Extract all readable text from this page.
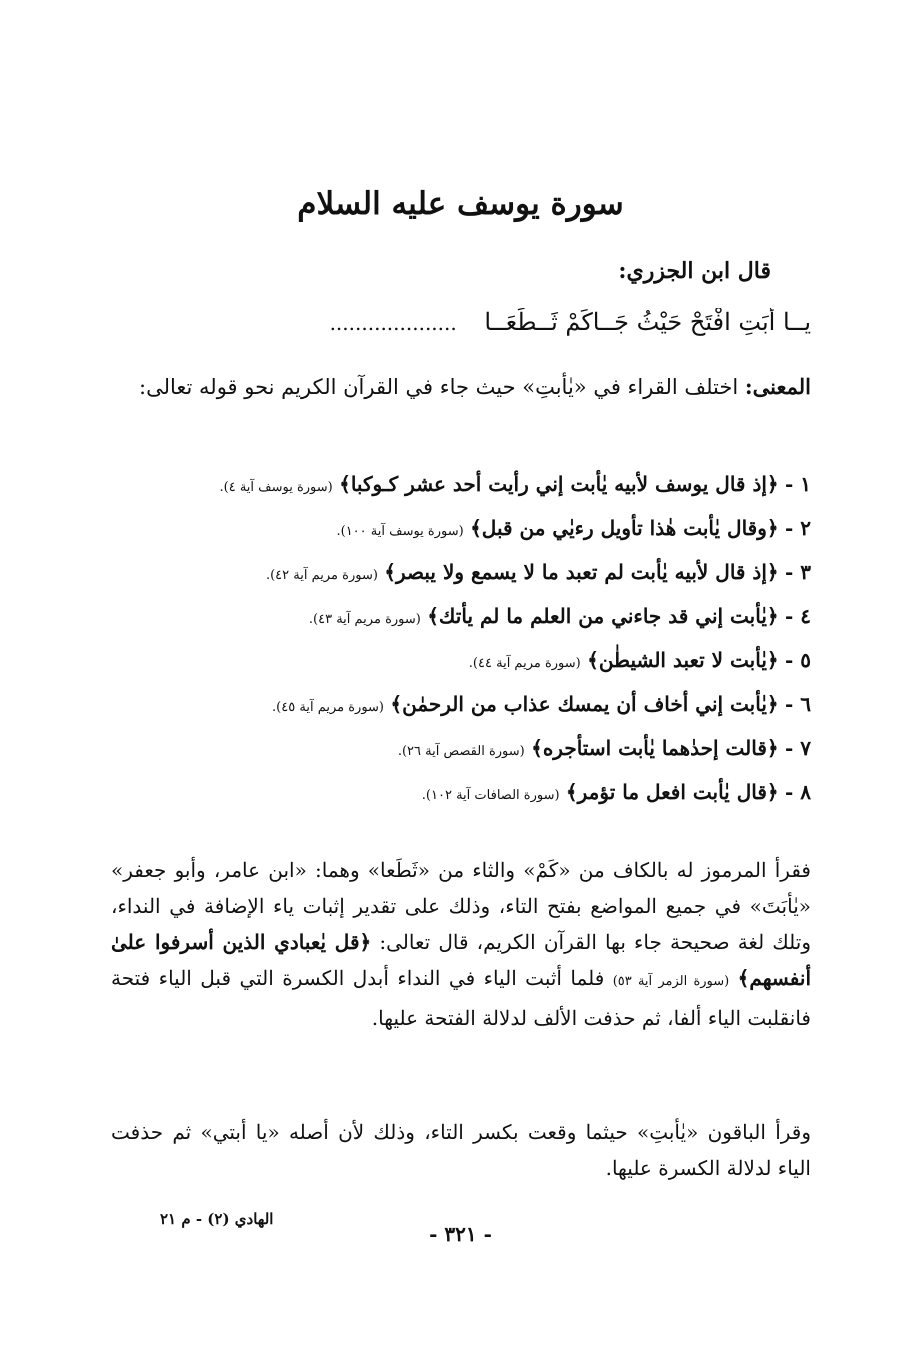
سورة يوسف عليه السلام
قال ابن الجزري:
يــا أَبَتِ افْتَحْ حَيْثُ جَــاكَمْ ثَــطَعَــا ....................
المعنى: اختلف القراء في «يٰأبتِ» حيث جاء في القرآن الكريم نحو قوله تعالى:
١ - ﴿إذ قال يوسف لأبيه يٰأبت إني رأيت أحد عشر كـوكبا﴾ (سورة يوسف آية ٤).
٢ - ﴿وقال يٰأبت هٰذا تأويل رءيٰي من قبل﴾ (سورة يوسف آية ١٠٠).
٣ - ﴿إذ قال لأبيه يٰأبت لم تعبد ما لا يسمع ولا يبصر﴾ (سورة مريم آية ٤٢).
٤ - ﴿يٰأبت إني قد جاءني من العلم ما لم يأتك﴾ (سورة مريم آية ٤٣).
٥ - ﴿يٰأبت لا تعبد الشيطٰن﴾ (سورة مريم آية ٤٤).
٦ - ﴿يٰأبت إني أخاف أن يمسك عذاب من الرحمٰن﴾ (سورة مريم آية ٤٥).
٧ - ﴿قالت إحدٰهما يٰأبت استأجره﴾ (سورة القصص آية ٢٦).
٨ - ﴿قال يٰأبت افعل ما تؤمر﴾ (سورة الصافات آية ١٠٢).
فقرأ المرموز له بالكاف من «كَمْ» والثاء من «ثَطَعا» وهما: «ابن عامر، وأبو جعفر» «يٰأبَتَ» في جميع المواضع بفتح التاء، وذلك على تقدير إثبات ياء الإضافة في النداء، وتلك لغة صحيحة جاء بها القرآن الكريم، قال تعالى: ﴿قل يٰعبادي الذين أسرفوا علىٰ أنفسهم﴾ (سورة الزمر آية ٥٣) فلما أثبت الياء في النداء أبدل الكسرة التي قبل الياء فتحة فانقلبت الياء ألفا، ثم حذفت الألف لدلالة الفتحة عليها.
وقرأ الباقون «يٰأبتِ» حيثما وقعت بكسر التاء، وذلك لأن أصله «يا أبتي» ثم حذفت الياء لدلالة الكسرة عليها.
الهادي (٢) - م ٢١
- ٣٢١ -
